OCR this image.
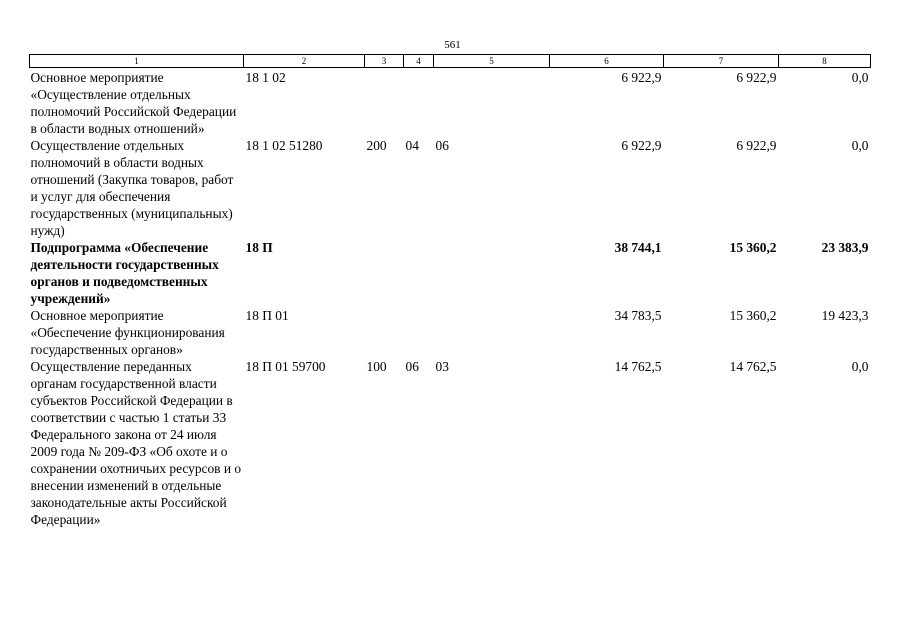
561
1	2	3	4	5	6	7	8
Основное мероприятие «Осуществление отдельных полномочий Российской Федерации в области водных отношений»	18 1 02				6 922,9	6 922,9	0,0
Осуществление отдельных полномочий в области водных отношений (Закупка товаров, работ и услуг для обеспечения государственных (муниципальных) нужд)	18 1 02 51280	200	04	06	6 922,9	6 922,9	0,0
Подпрограмма «Обеспечение деятельности государственных органов и подведомственных учреждений»	18 П				38 744,1	15 360,2	23 383,9
Основное мероприятие «Обеспечение функционирования государственных органов»	18 П 01				34 783,5	15 360,2	19 423,3
Осуществление переданных органам государственной власти субъектов Российской Федерации в соответствии с частью 1 статьи 33 Федерального закона от 24 июля 2009 года № 209-ФЗ «Об охоте и о сохранении охотничьих ресурсов и о внесении изменений в отдельные законодательные акты Российской Федерации»	18 П 01 59700	100	06	03	14 762,5	14 762,5	0,0
